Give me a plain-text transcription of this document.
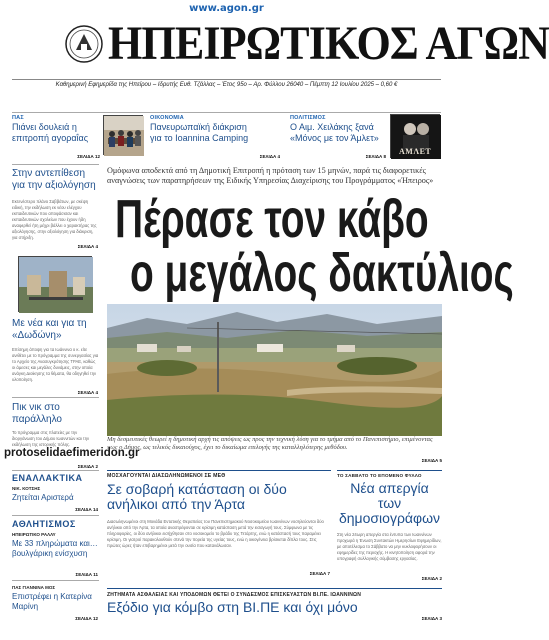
www.agon.gr
ΗΠΕΙΡΩΤΙΚΟΣ ΑΓΩΝ
Καθημερινή Εφημερίδα της Ηπείρου – Ιδρυτής Ευθ. Τζάλλας – Έτος 95ο – Αρ. Φύλλου 26040 – Πέμπτη 12 Ιουλίου 2025 – 0,60 €
ΠΑΣ
Πιάνει δουλειά η επιτροπή αγοραΐας
ΣΕΛΙΔΑ 12
ΟΙΚΟΝΟΜΙΑ
Πανευρωπαϊκή διάκριση για το Ioannina Camping
ΣΕΛΙΔΑ 4
ΠΟΛΙΤΙΣΜΟΣ
Ο Αιμ. Χειλάκης ξανά «Μόνος με τον Άμλετ»
ΑΜΛΕΤ
ΣΕΛΙΔΑ 8
Στην αντεπίθεση για την αξιολόγηση
Εκτενέστερο πλάνο Σαββάτων, με σκέψη ειδική, την εκδήλωση εκ νέου ελέγχου εκπαιδευτικών που αποφάσισαν και εκπαιδευτικών σχολείων που έχουν ήδη αναφερθεί ήτη μέχρι βάλλει ο χαρακτήρας της αξιολόγησης, στην αξιολόγηση για διάκριση, για στήριξη.
ΣΕΛΙΔΑ 4
Με νέα και για τη «Δωδώνη»
Επίσημη άποψη για τα Ιωάννινα ο κ. είτε ανιθέτει με το πρόγραμμα της συνεργασίας για το Αρχείο της Ανασυγκρότησης ΤΡΑΕ, καθώς οι άμεσες και μεγάλες δυνάμεις, στην οποία ανάγκη Διοίκησης τα θέματα, θα οδηγηθεί την υλοποίηση.
ΣΕΛΙΔΑ 4
Πικ νικ στο παράλληλο
Το πρόγραμμα στις πλατείες με την διοργάνωση του Δήμου Ιωαννιτών και την εκδήλωση της ιστορικής πόλης.
ΣΕΛΙΔΑ 2
Ομόφωνα αποδεκτά από τη Δημοτική Επιτροπή η πρόταση των 15 μηνών, παρά τις διαφορετικές αναγνώσεις των παρατηρήσεων της Ειδικής Υπηρεσίας Διαχείρισης του Προγράμματος «Ήπειρος»
Πέρασε τον κάβο
ο μεγάλος δακτύλιος
Μη δεσμευτικές θεωρεί η δημοτική αρχή τις απόψεις ως προς την τεχνική λύση για το τμήμα από το Πανεπιστήμιο, επιμένοντας πως ο Δήμος, ως τελικός δικαιούχος, έχει το δικαίωμα επιλογής της καταλληλότερης μεθόδου.
ΣΕΛΙΔΑ 5
protoselidaefimeridon.gr
ΕΝΑΛΛΑΚΤΙΚΑ
ΝΙΚ. ΚΟΤΣΗΣ
Ζητείται Αριστερά
ΣΕΛΙΔΑ 14
ΑΘΛΗΤΙΣΜΟΣ
ΗΠΕΙΡΩΤΙΚΟ ΡΑΛΛΥ
Με 33 πληρώματα και… βουλγάρικη ενίσχυση
ΣΕΛΙΔΑ 11
ΠΑΣ ΓΙΑΝΝΙΝΑ ΜΟΣ
Επιστρέφει η Κατερίνα Μαρίνη
ΣΕΛΙΔΑ 12
ΜΟΣΧΑΓΟΥΝΤΑΙ ΔΙΑΣΩΛΗΝΩΜΕΝΟΙ ΣΕ ΜΕΘ
Σε σοβαρή κατάσταση οι δύο ανήλικοι από την Άρτα
Διασωληνωμένοι στη Μονάδα Εντατικής Θεραπείας του Πανεπιστημιακού Νοσοκομείου Ιωαννίνων νοσηλεύονται δύο ανήλικοι από την Άρτα, τα οποία αναστρέφονται σε κρίσιμη κατάσταση μετά την εισαγωγή τους. Σύμφωνα με τις πληροφορίες, οι δύο ανήλικοι εισήχθησαν στο νοσοκομείο το βράδυ της Τετάρτης, ενώ η κατάστασή τους παραμένει κρίσιμη. Οι γιατροί παρακολουθούν στενά την πορεία της υγείας τους, ενώ η οικογένεια βρίσκεται δίπλα τους. Στις πρώτες ώρες ήταν επιβαρημένοι μετά την ουσία που κατανάλωσαν.
ΣΕΛΙΔΑ 7
ΤΟ ΣΑΒΒΑΤΟ ΤΟ ΕΠΟΜΕΝΟ ΦΥΛΛΟ
Νέα απεργία των δημοσιογράφων
Στη νέα 24ωρη απεργία στα έντυπα των Ιωαννίνων προχωρά η Ένωση Συντακτών Ημερησίων Εφημερίδων, με αποτέλεσμα το Σάββατο να μην κυκλοφορήσουν οι εφημερίδες της περιοχής. Η κινητοποίηση αφορά την υπογραφή συλλογικής σύμβασης εργασίας.
ΣΕΛΙΔΑ 2
ΖΗΤΗΜΑΤΑ ΑΣΦΑΛΕΙΑΣ ΚΑΙ ΥΠΟΔΟΜΩΝ ΘΕΤΕΙ Ο ΣΥΝΔΕΣΜΟΣ ΕΠΙΣΚΕΥΑΣΤΩΝ ΒΙ.ΠΕ. ΙΩΑΝΝΙΝΩΝ
Εξόδιο για κόμβο στη ΒΙ.ΠΕ και όχι μόνο
ΣΕΛΙΔΑ 3
